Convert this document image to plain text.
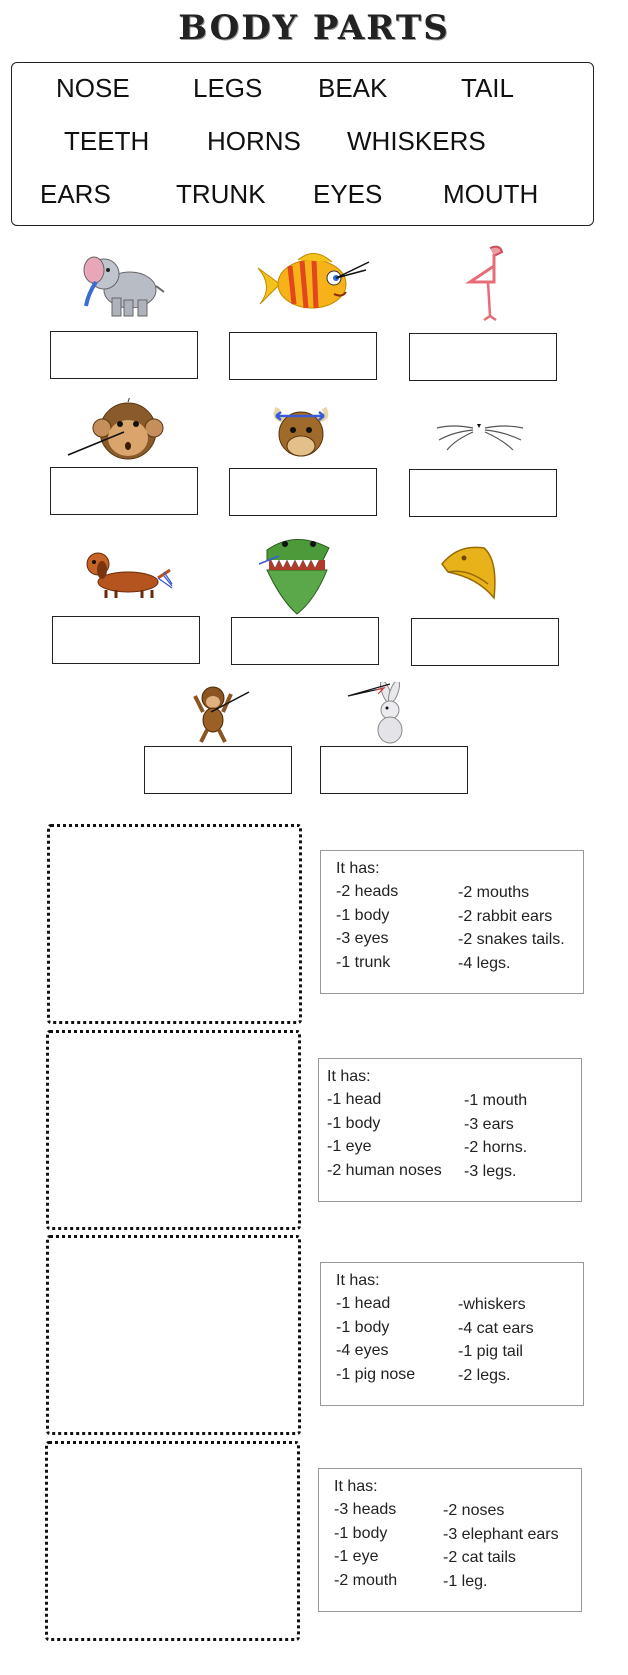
BODY PARTS
NOSE LEGS BEAK	TAIL
TEETH HORNS WHISKERS
EARS	TRUNK EYES MOUTH
It has:
-2 heads
-1 body
-3 eyes
-1 trunk
-2 mouths
-2 rabbit ears
-2 snakes tails.
-4 legs.
It has:
-1 head
-1 body
-1 eye
-2 human noses
-1 mouth
-3 ears
-2 horns.
-3 legs.
It has:
-1 head
-1 body
-4 eyes
-1 pig nose
-whiskers
-4 cat ears
-1 pig tail
-2 legs.
It has:
-3 heads
-1 body
-1 eye
-2 mouth
-2 noses
-3 elephant ears
-2 cat tails
-1 leg.
